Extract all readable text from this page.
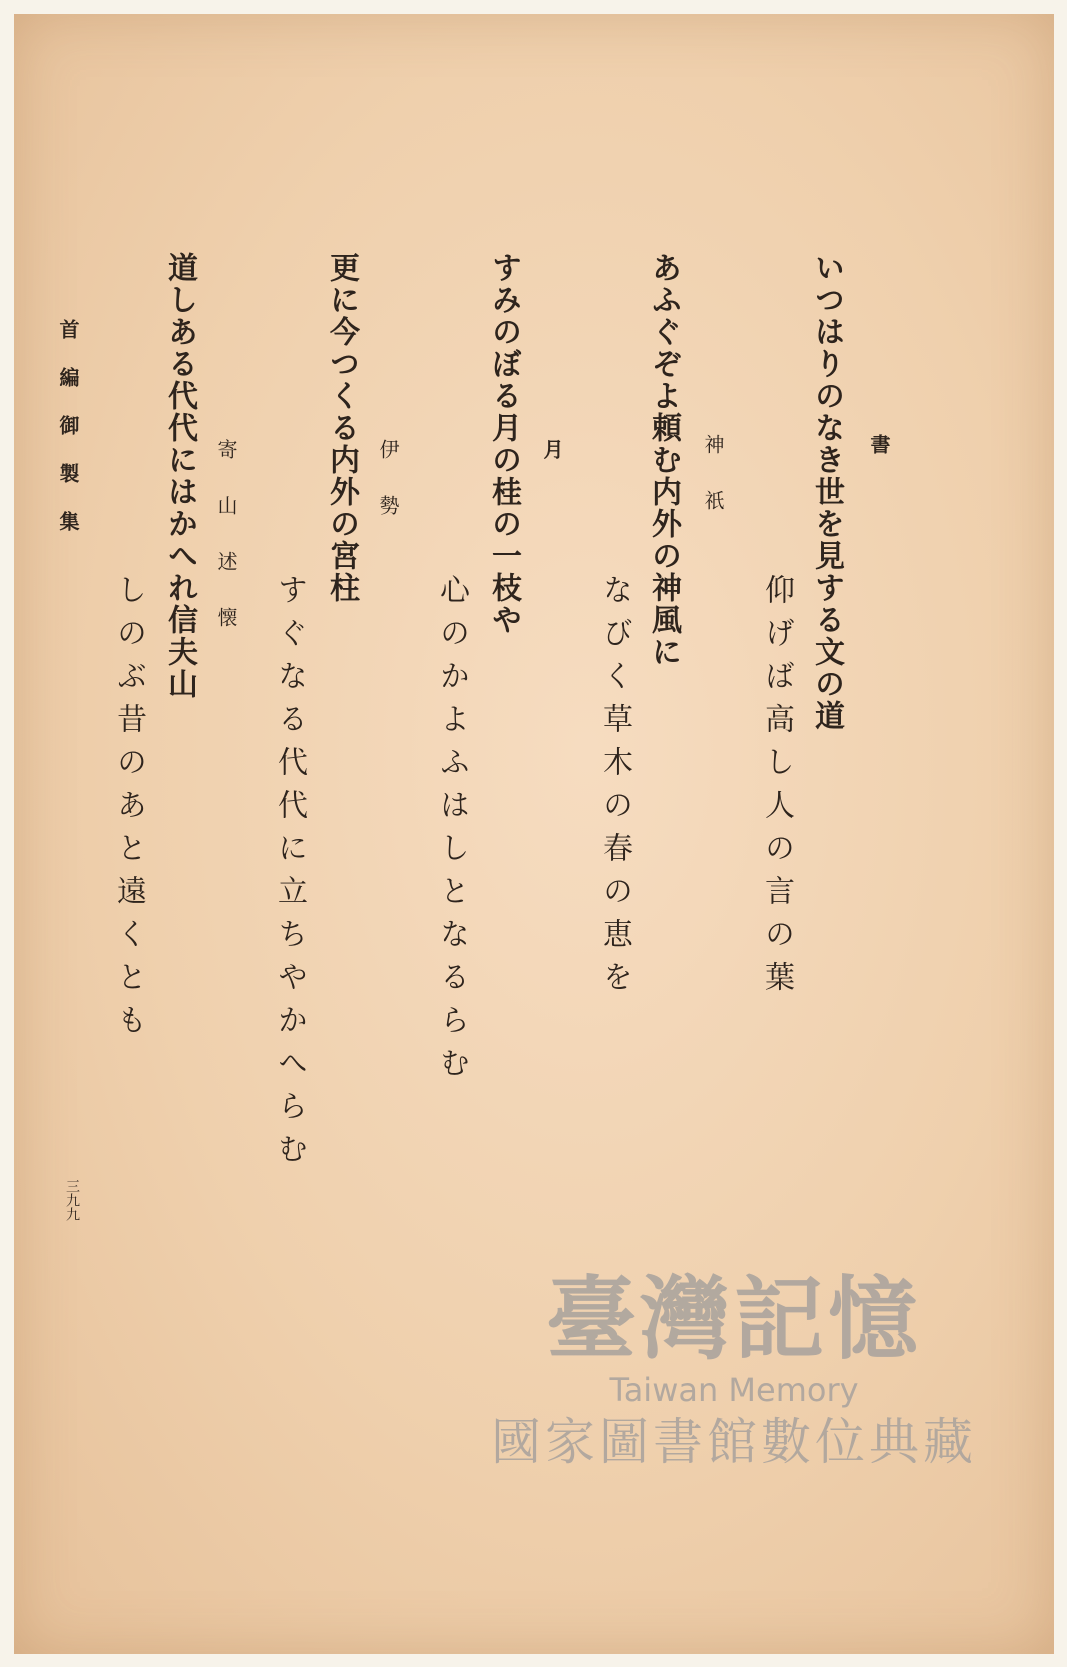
書
いつはりのなき世を見する文の道
仰げば高し人の言の葉
神祇
あふぐぞよ頼む内外の神風に
なびく草木の春の恵を
月
すみのぼる月の桂の一枝や
心のかよふはしとなるらむ
伊勢
更に今つくる内外の宮柱
すぐなる代代に立ちやかへらむ
寄山述懐
道しある代代にはかへれ信夫山
しのぶ昔のあと遠くとも
首編御製集
三九九
臺灣記憶
Taiwan Memory
國家圖書館數位典藏
